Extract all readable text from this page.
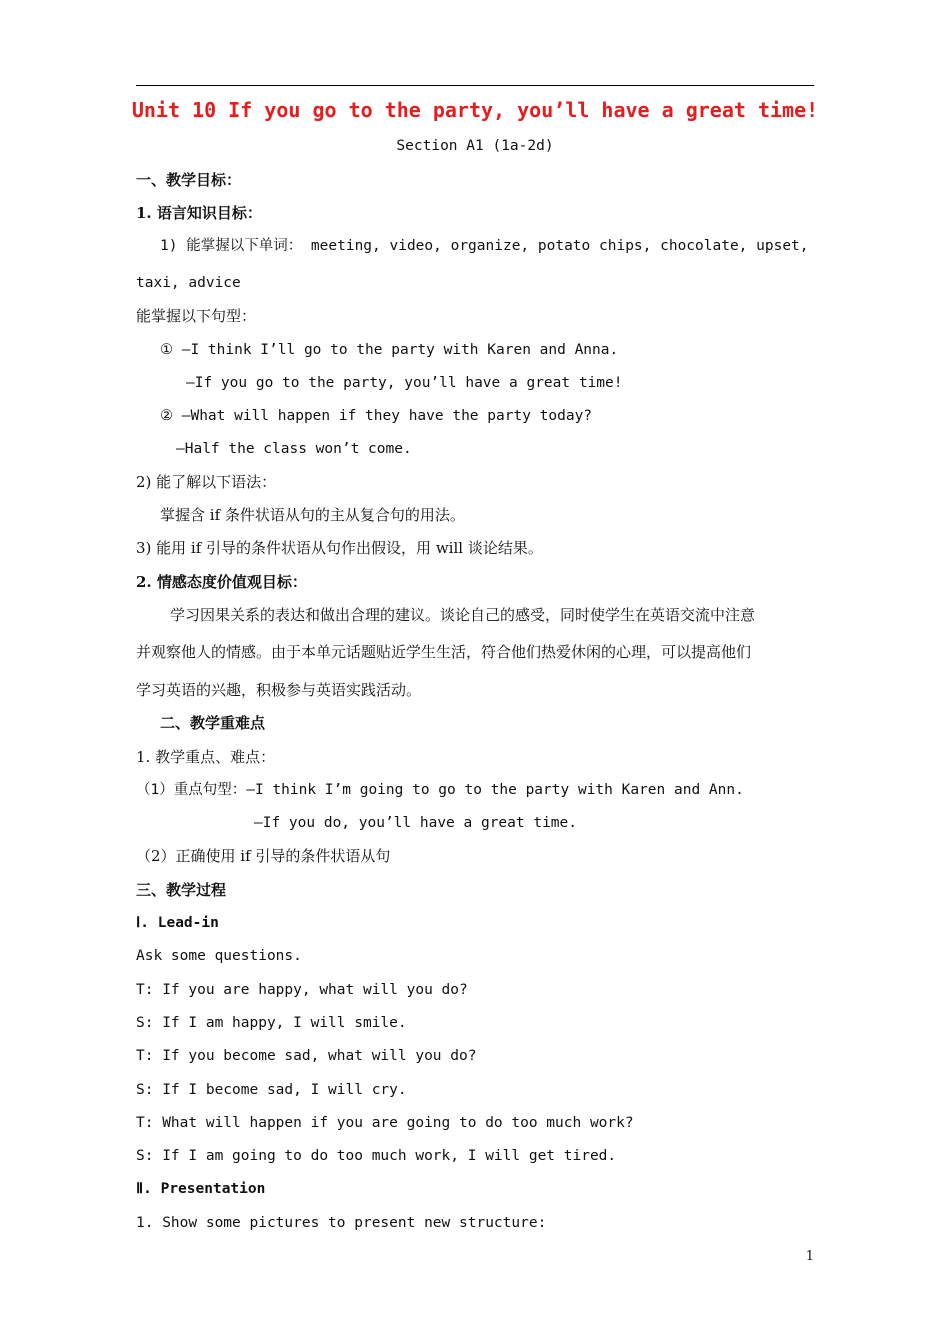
Unit 10 If you go to the party, you’ll have a great time!
Section A1 (1a-2d)
一、教学目标：
1. 语言知识目标：
1) 能掌握以下单词： meeting, video, organize, potato chips, chocolate, upset,
taxi, advice
能掌握以下句型：
① —I think I’ll go to the party with Karen and Anna.
—If you go to the party, you’ll have a great time!
② —What will happen if they have the party today?
—Half the class won’t come.
2) 能了解以下语法：
掌握含 if 条件状语从句的主从复合句的用法。
3) 能用 if 引导的条件状语从句作出假设，用 will 谈论结果。
2. 情感态度价值观目标：
学习因果关系的表达和做出合理的建议。谈论自己的感受，同时使学生在英语交流中注意
并观察他人的情感。由于本单元话题贴近学生生活，符合他们热爱休闲的心理，可以提高他们
学习英语的兴趣，积极参与英语实践活动。
二、教学重难点
1. 教学重点、难点：
（1）重点句型：—I think I’m going to go to the party with Karen and Ann.
—If you do, you’ll have a great time.
（2）正确使用 if 引导的条件状语从句
三、教学过程
Ⅰ. Lead-in
Ask some questions.
T: If you are happy, what will you do?
S: If I am happy, I will smile.
T: If you become sad, what will you do?
S: If I become sad, I will cry.
T: What will happen if you are going to do too much work?
S: If I am going to do too much work, I will get tired.
Ⅱ. Presentation
1. Show some pictures to present new structure:
1
